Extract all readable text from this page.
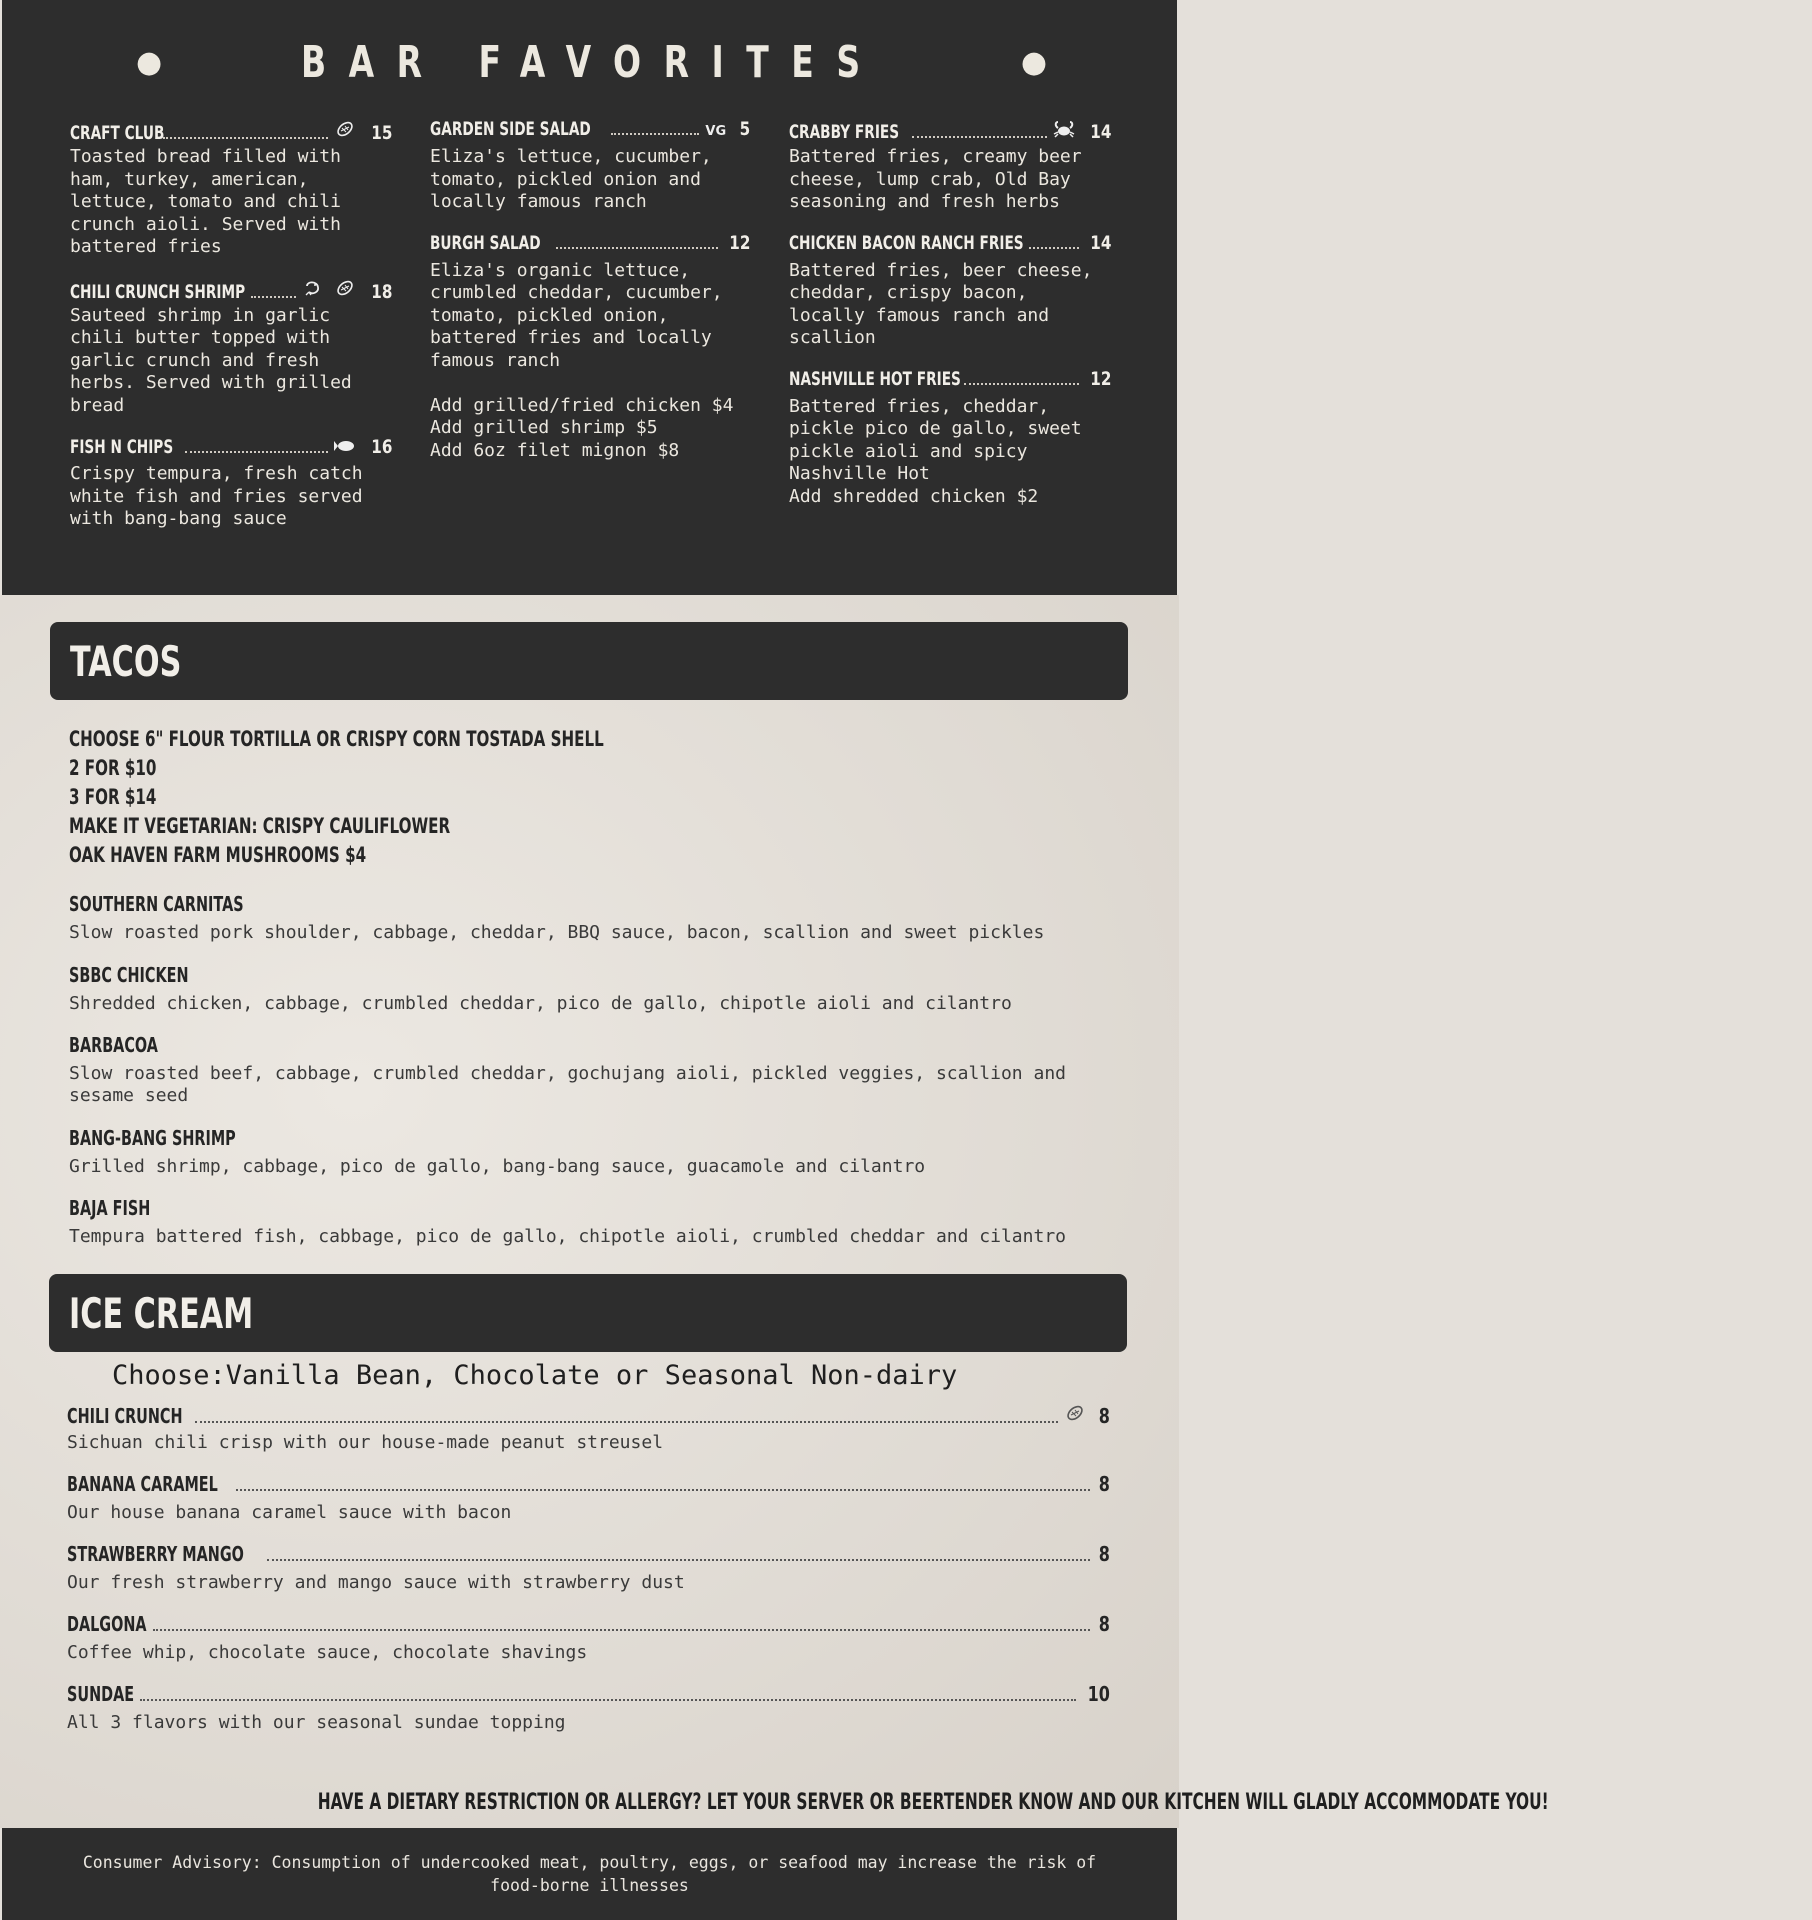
●	BAR FAVORITES	●
CRAFT CLUB	15
Toasted bread filled with
ham, turkey, american,
lettuce, tomato and chili
crunch aioli. Served with
battered fries
CHILI CRUNCH SHRIMP	18
Sauteed shrimp in garlic
chili butter topped with
garlic crunch and fresh
herbs. Served with grilled
bread
FISH N CHIPS	16
Crispy tempura, fresh catch
white fish and fries served
with bang-bang sauce
GARDEN SIDE SALAD	VG 5
Eliza's lettuce, cucumber,
tomato, pickled onion and
locally famous ranch
BURGH SALAD	12
Eliza's organic lettuce,
crumbled cheddar, cucumber,
tomato, pickled onion,
battered fries and locally
famous ranch

Add grilled/fried chicken $4
Add grilled shrimp $5
Add 6oz filet mignon $8
CRABBY FRIES	14
Battered fries, creamy beer
cheese, lump crab, Old Bay
seasoning and fresh herbs
CHICKEN BACON RANCH FRIES	14
Battered fries, beer cheese,
cheddar, crispy bacon,
locally famous ranch and
scallion
NASHVILLE HOT FRIES	12
Battered fries, cheddar,
pickle pico de gallo, sweet
pickle aioli and spicy
Nashville Hot
Add shredded chicken $2
TACOS
CHOOSE 6" FLOUR TORTILLA OR CRISPY CORN TOSTADA SHELL
2 FOR $10
3 FOR $14
MAKE IT VEGETARIAN: CRISPY CAULIFLOWER
OAK HAVEN FARM MUSHROOMS $4
SOUTHERN CARNITAS
Slow roasted pork shoulder, cabbage, cheddar, BBQ sauce, bacon, scallion and sweet pickles
SBBC CHICKEN
Shredded chicken, cabbage, crumbled cheddar, pico de gallo, chipotle aioli and cilantro
BARBACOA
Slow roasted beef, cabbage, crumbled cheddar, gochujang aioli, pickled veggies, scallion and sesame seed
BANG-BANG SHRIMP
Grilled shrimp, cabbage, pico de gallo, bang-bang sauce, guacamole and cilantro
BAJA FISH
Tempura battered fish, cabbage, pico de gallo, chipotle aioli, crumbled cheddar and cilantro
ICE CREAM
Choose:Vanilla Bean, Chocolate or Seasonal Non-dairy
CHILI CRUNCH	8
Sichuan chili crisp with our house-made peanut streusel
BANANA CARAMEL	8
Our house banana caramel sauce with bacon
STRAWBERRY MANGO	8
Our fresh strawberry and mango sauce with strawberry dust
DALGONA	8
Coffee whip, chocolate sauce, chocolate shavings
SUNDAE	10
All 3 flavors with our seasonal sundae topping
HAVE A DIETARY RESTRICTION OR ALLERGY? LET YOUR SERVER OR BEERTENDER KNOW AND OUR KITCHEN WILL GLADLY ACCOMMODATE YOU!

Consumer Advisory: Consumption of undercooked meat, poultry, eggs, or seafood may increase the risk of food-borne illnesses
